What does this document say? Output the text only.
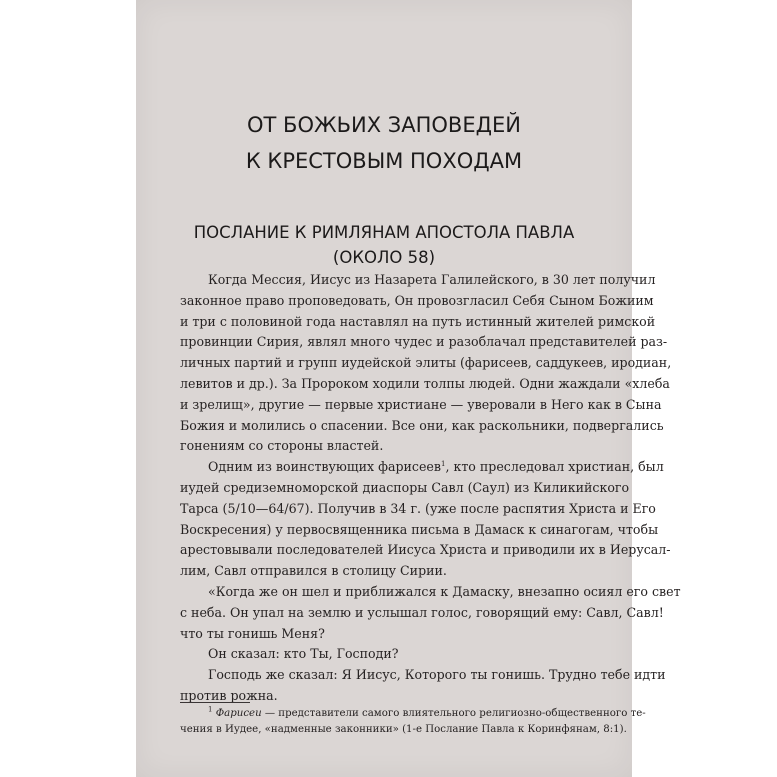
ОТ БОЖЬИХ ЗАПОВЕДЕЙ
К КРЕСТОВЫМ ПОХОДАМ
ПОСЛАНИЕ К РИМЛЯНАМ АПОСТОЛА ПАВЛА
(ОКОЛО 58)
Когда Мессия, Иисус из Назарета Галилейского, в 30 лет получил
законное право проповедовать, Он провозгласил Себя Сыном Божиим
и три с половиной года наставлял на путь истинный жителей римской
провинции Сирия, являл много чудес и разоблачал представителей раз-
личных партий и групп иудейской элиты (фарисеев, саддукеев, иродиан,
левитов и др.). За Пророком ходили толпы людей. Одни жаждали «хлеба
и зрелищ», другие — первые христиане — уверовали в Него как в Сына
Божия и молились о спасении. Все они, как раскольники, подвергались
гонениям со стороны властей.
Одним из воинствующих фарисеев$^1$, кто преследовал христиан, был
иудей средиземноморской диаспоры Савл (Саул) из Киликийского
Тарса (5/10—64/67). Получив в 34 г. (уже после распятия Христа и Его
Воскресения) у первосвященника письма в Дамаск к синагогам, чтобы
арестовывали последователей Иисуса Христа и приводили их в Иерусал-
лим, Савл отправился в столицу Сирии.
«Когда же он шел и приближался к Дамаску, внезапно осиял его свет
с неба. Он упал на землю и услышал голос, говорящий ему: Савл, Савл!
что ты гонишь Меня?
Он сказал: кто Ты, Господи?
Господь же сказал: Я Иисус, Которого ты гонишь. Трудно тебе идти
против рожна.
$^1$ Фарисеи — представители самого влиятельного религиозно-общественного те-
чения в Иудее, «надменные законники» (1-е Послание Павла к Коринфянам, 8:1).
